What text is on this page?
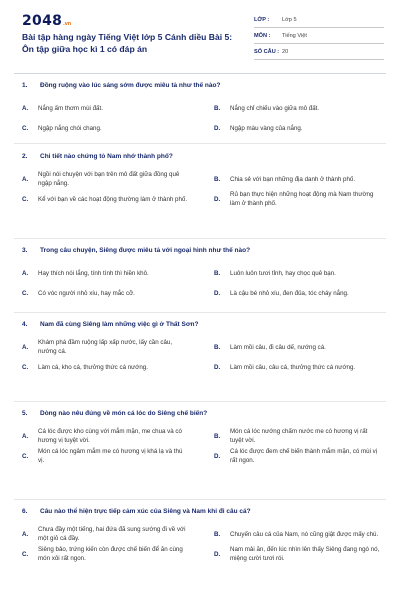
2048 .vn
Bài tập hàng ngày Tiếng Việt lớp 5 Cánh diều Bài 5: Ôn tập giữa học kì 1 có đáp án
LỚP :	Lớp 5
MÔN :	Tiếng Việt
SỐ CÂU : 20
1.	Đồng ruộng vào lúc sáng sớm được miêu tả như thế nào?
A.	Nắng ấm thơm mùi đất.	B.	Nắng chỉ chiếu vào giữa mô đất.
C.	Ngập nắng chói chang.	D.	Ngập màu vàng của nắng.
2.	Chi tiết nào chứng tỏ Nam nhớ thành phố?
A.
Ngồi nói chuyện với bạn trên mô đất giữa đồng quê ngập nắng.
B.	Chia sẻ với bạn những địa danh ở thành phố.
C.	Kể với bạn về các hoạt động thường làm ở thành phố.	D.
Rủ bạn thực hiện những hoạt động mà Nam thường làm ở thành phố.
3.	Trong câu chuyện, Siêng được miêu tả với ngoại hình như thế nào?
A.	Hay thích nói lắng, tính tình thì hiền khô.	B.	Luôn luôn tươi tỉnh, hay chọc quê bạn.
C.	Có vóc người nhỏ xíu, hay mắc cỡ.	D.	Là cậu bé nhỏ xíu, đen đủa, tóc cháy nắng.
4.	Nam đã cùng Siêng làm những việc gì ở Thất Sơn?
A.
Khám phá đầm ruộng lấp xấp nước, lấy cần câu, nướng cá.
B.	Làm mồi câu, đi câu dế, nướng cá.
C.	Làm cá, kho cá, thưởng thức cá nướng.	D.	Làm mồi câu, câu cá, thưởng thức cá nướng.
5.	Dòng nào nêu đúng về món cá lóc do Siêng chế biến?
A.
Cá lóc được kho cùng với mắm mặn, me chua và có hương vị tuyệt vời.
B.
Món cá lóc nướng chấm nước me có hương vị rất tuyệt vời.
C.
Món cá lóc ngâm mắm me có hương vị khá lạ và thú vị.
D.
Cá lóc được đem chế biến thành mắm mặn, có mùi vị rất ngon.
6.	Câu nào thể hiện trực tiếp cảm xúc của Siêng và Nam khi đi câu cá?
A.
Chưa đầy một tiếng, hai đứa đã sung sướng đi về với một giỏ cá đầy.
B.	Chuyến câu cá của Nam, nó cũng giật được mấy chú.
C.
Siêng bảo, trứng kiến còn được chế biến để ăn cùng món xôi rất ngon.
D.
Nam mải ăn, đến lúc nhìn lên thấy Siêng đang ngó nó, miệng cười tươi rói.
